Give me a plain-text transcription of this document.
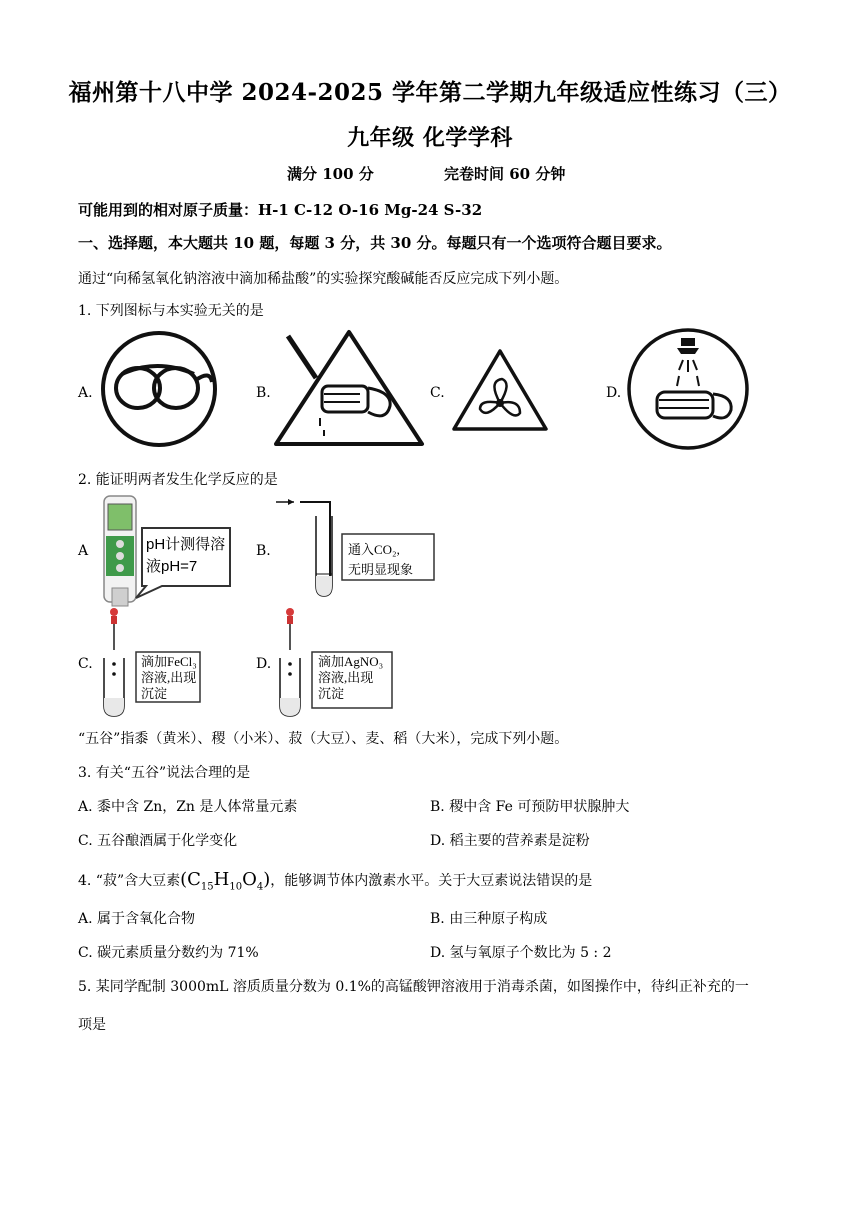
福州第十八中学 2024-2025 学年第二学期九年级适应性练习（三）
九年级 化学学科
满分 100 分	完卷时间 60 分钟
可能用到的相对原子质量：H-1 C-12 O-16 Mg-24 S-32
一、选择题，本大题共 10 题，每题 3 分，共 30 分。每题只有一个选项符合题目要求。
通过“向稀氢氧化钠溶液中滴加稀盐酸”的实验探究酸碱能否反应完成下列小题。
1. 下列图标与本实验无关的是
A.	B.	C.	D.
2. 能证明两者发生化学反应的是
A	pH计测得溶
液pH=7
B.	通入CO₂,
无明显现象
C.	滴加FeCl₃
溶液,出现
沉淀
D.	滴加AgNO₃
溶液,出现
沉淀
“五谷”指黍（黄米）、稷（小米）、菽（大豆）、麦、稻（大米），完成下列小题。
3. 有关“五谷”说法合理的是
A. 黍中含 Zn，Zn 是人体常量元素	B. 稷中含 Fe 可预防甲状腺肿大
C. 五谷酿酒属于化学变化	D. 稻主要的营养素是淀粉
4. “菽”含大豆素$(C_{15}H_{10}O_4)$，能够调节体内激素水平。关于大豆素说法错误的是
A. 属于含氧化合物	B. 由三种原子构成
C. 碳元素质量分数约为 71%	D. 氢与氧原子个数比为 5 : 2
5. 某同学配制 3000mL 溶质质量分数为 0.1%的高锰酸钾溶液用于消毒杀菌，如图操作中，待纠正补充的一
项是
